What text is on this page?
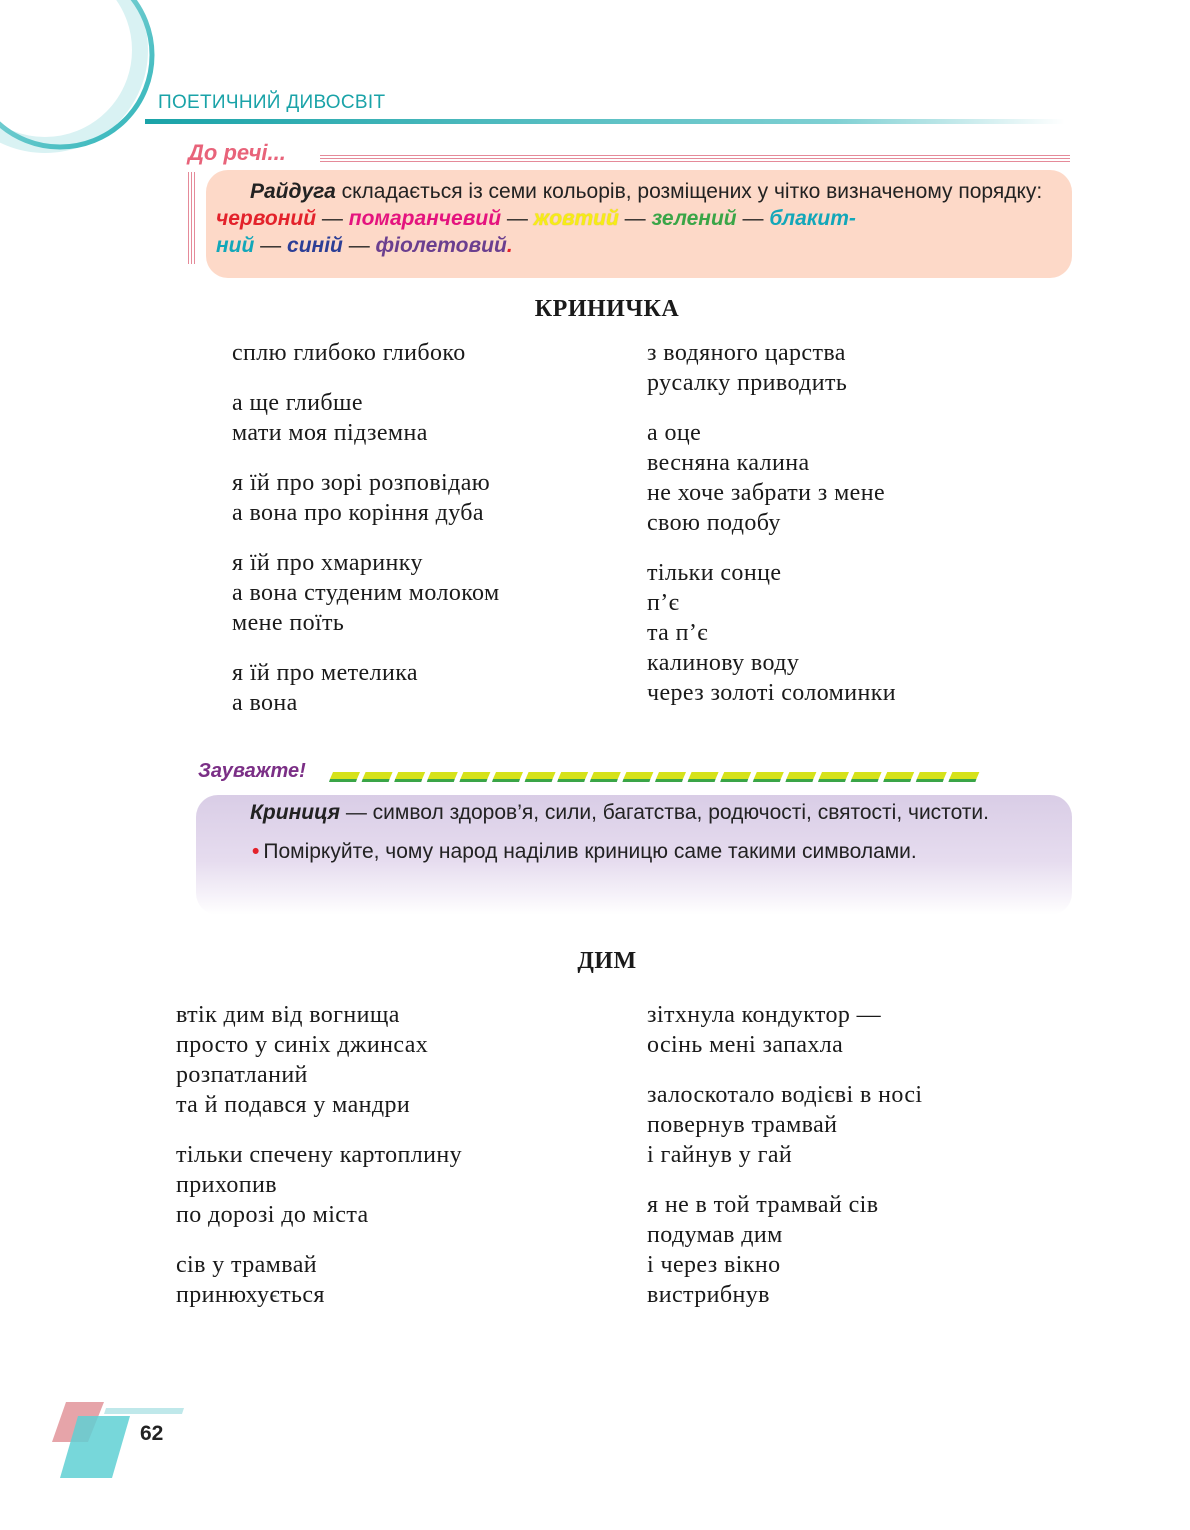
ПОЕТИЧНИЙ ДИВОСВІТ
До речі...
Райдуга складається із семи кольорів, розміщених у чітко визначеному порядку: червоний — помаранчевий — жовтий — зелений — блакит-
ний — синій — фіолетовий.
КРИНИЧКА
сплю глибоко глибоко
а ще глибше
мати моя підземна
я їй про зорі розповідаю
а вона про коріння дуба
я їй про хмаринку
а вона студеним молоком
мене поїть
я їй про метелика
а вона
з водяного царства
русалку приводить
а оце
весняна калина
не хоче забрати з мене
свою подобу
тільки сонце
п’є
та п’є
калинову воду
через золоті соломинки
Зауважте!
Криниця — символ здоров’я, сили, багатства, родючості, святості, чистоти.
• Поміркуйте, чому народ наділив криницю саме такими символами.
ДИМ
втік дим від вогнища
просто у синіх джинсах
розпатланий
та й подався у мандри
тільки спечену картоплину
прихопив
по дорозі до міста
сів у трамвай
принюхується
зітхнула кондуктор —
осінь мені запахла
залоскотало водієві в носі
повернув трамвай
і гайнув у гай
я не в той трамвай сів
подумав дим
і через вікно
вистрибнув
62
